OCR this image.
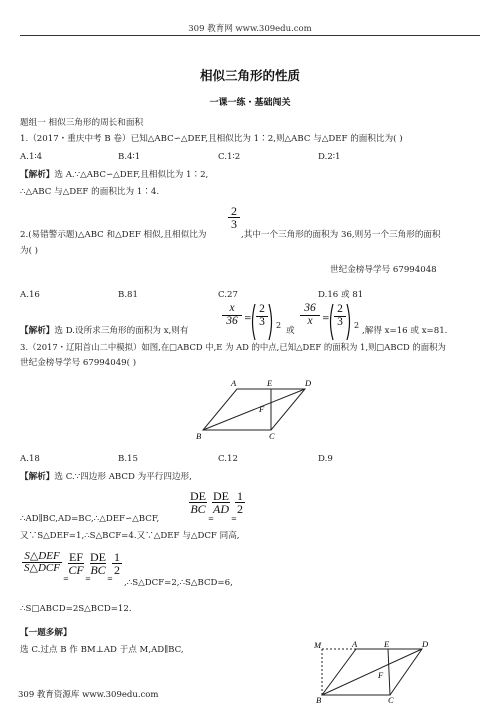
309 教育网 www.309edu.com
相似三角形的性质
一课一练・基础闯关
题组一 相似三角形的周长和面积
1.（2017・重庆中考 B 卷）已知△ABC∽△DEF,且相似比为 1∶2,则△ABC 与△DEF 的面积比为( )
A.1∶4	B.4∶1	C.1∶2	D.2∶1
【解析】选 A.∵△ABC∽△DEF,且相似比为 1∶2,
∴△ABC 与△DEF 的面积比为 1∶4.
2
3
2.(易错警示题)△ABC 和△DEF 相似,且相似比为	,其中一个三角形的面积为 36,则另一个三角形的面积
为( )
世纪金榜导学号 67994048
A.16	B.81	C.27	D.16 或 81
【解析】选 D.设所求三角形的面积为 x,则有
x
36 =
2
3	2
或
36
x	=
2
3	2
,解得 x=16 或 x=81.
3.（2017・辽阳首山二中模拟）如图,在□ABCD 中,E 为 AD 的中点,已知△DEF 的面积为 1,则□ABCD 的面积为
世纪金榜导学号 67994049( )
A	E	D
F
B	C
A.18	B.15	C.12	D.9
【解析】选 C.∵四边形 ABCD 为平行四边形,
∴AD∥BC,AD=BC,∴△DEF∽△BCF,
DE
BC
=
DE
AD
=
1
2
又∵S△DEF=1,∴S△BCF=4.又∵△DEF 与△DCF 同高,
S△DEF
S△DCF
=
EF
CF
=
DE
BC
=
1
2
,∴S△DCF=2,∴S△BCD=6,
∴S□ABCD=2S△BCD=12.
【一题多解】
选 C.过点 B 作 BM⊥AD 于点 M,AD∥BC,	M	A	E	D
F
B	C
309 教育资源库 www.309edu.com
